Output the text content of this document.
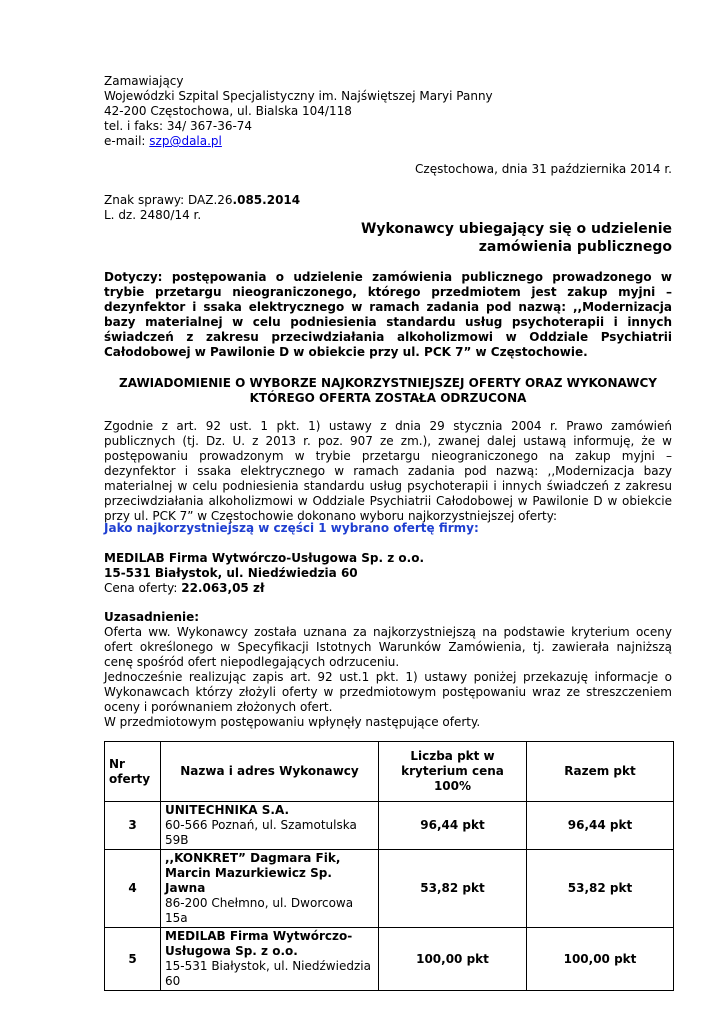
Zamawiający
Wojewódzki Szpital Specjalistyczny im. Najświętszej Maryi Panny
42-200 Częstochowa, ul. Bialska 104/118
tel. i faks: 34/ 367-36-74
e-mail: szp@dala.pl
Częstochowa, dnia 31 października 2014 r.
Znak sprawy: DAZ.26.085.2014
L. dz. 2480/14 r.
Wykonawcy ubiegający się o udzielenie
zamówienia publicznego
Dotyczy: postępowania o udzielenie zamówienia publicznego prowadzonego w trybie przetargu nieograniczonego, którego przedmiotem jest zakup myjni – dezynfektor i ssaka elektrycznego w ramach zadania pod nazwą: ,,Modernizacja bazy materialnej w celu podniesienia standardu usług psychoterapii i innych świadczeń z zakresu przeciwdziałania alkoholizmowi w Oddziale Psychiatrii Całodobowej w Pawilonie D w obiekcie przy ul. PCK 7” w Częstochowie.
ZAWIADOMIENIE O WYBORZE NAJKORZYSTNIEJSZEJ OFERTY ORAZ WYKONAWCY
KTÓREGO OFERTA ZOSTAŁA ODRZUCONA
Zgodnie z art. 92 ust. 1 pkt. 1) ustawy z dnia 29 stycznia 2004 r. Prawo zamówień publicznych (tj. Dz. U. z 2013 r. poz. 907 ze zm.), zwanej dalej ustawą informuję, że w postępowaniu prowadzonym w trybie przetargu nieograniczonego na zakup myjni – dezynfektor i ssaka elektrycznego w ramach zadania pod nazwą: ,,Modernizacja bazy materialnej w celu podniesienia standardu usług psychoterapii i innych świadczeń z zakresu przeciwdziałania alkoholizmowi w Oddziale Psychiatrii Całodobowej w Pawilonie D w obiekcie przy ul. PCK 7” w Częstochowie dokonano wyboru najkorzystniejszej oferty:
Jako najkorzystniejszą w części 1 wybrano ofertę firmy:
MEDILAB Firma Wytwórczo-Usługowa Sp. z o.o.
15-531 Białystok, ul. Niedźwiedzia 60
Cena oferty: 22.063,05 zł
Uzasadnienie:
Oferta ww. Wykonawcy została uznana za najkorzystniejszą na podstawie kryterium oceny ofert określonego w Specyfikacji Istotnych Warunków Zamówienia, tj. zawierała najniższą cenę spośród ofert niepodlegających odrzuceniu.
Jednocześnie realizując zapis art. 92 ust.1 pkt. 1) ustawy poniżej przekazuję informacje o Wykonawcach którzy złożyli oferty w przedmiotowym postępowaniu wraz ze streszczeniem oceny i porównaniem złożonych ofert.
W przedmiotowym postępowaniu wpłynęły następujące oferty.
Nr oferty	Nazwa i adres Wykonawcy	Liczba pkt w kryterium cena 100%	Razem pkt
3	UNITECHNIKA S.A.
60-566 Poznań, ul. Szamotulska 59B	96,44 pkt	96,44 pkt
4	,,KONKRET” Dagmara Fik, Marcin Mazurkiewicz Sp. Jawna
86-200 Chełmno, ul. Dworcowa 15a	53,82 pkt	53,82 pkt
5	MEDILAB Firma Wytwórczo-Usługowa Sp. z o.o.
15-531 Białystok, ul. Niedźwiedzia 60	100,00 pkt	100,00 pkt
